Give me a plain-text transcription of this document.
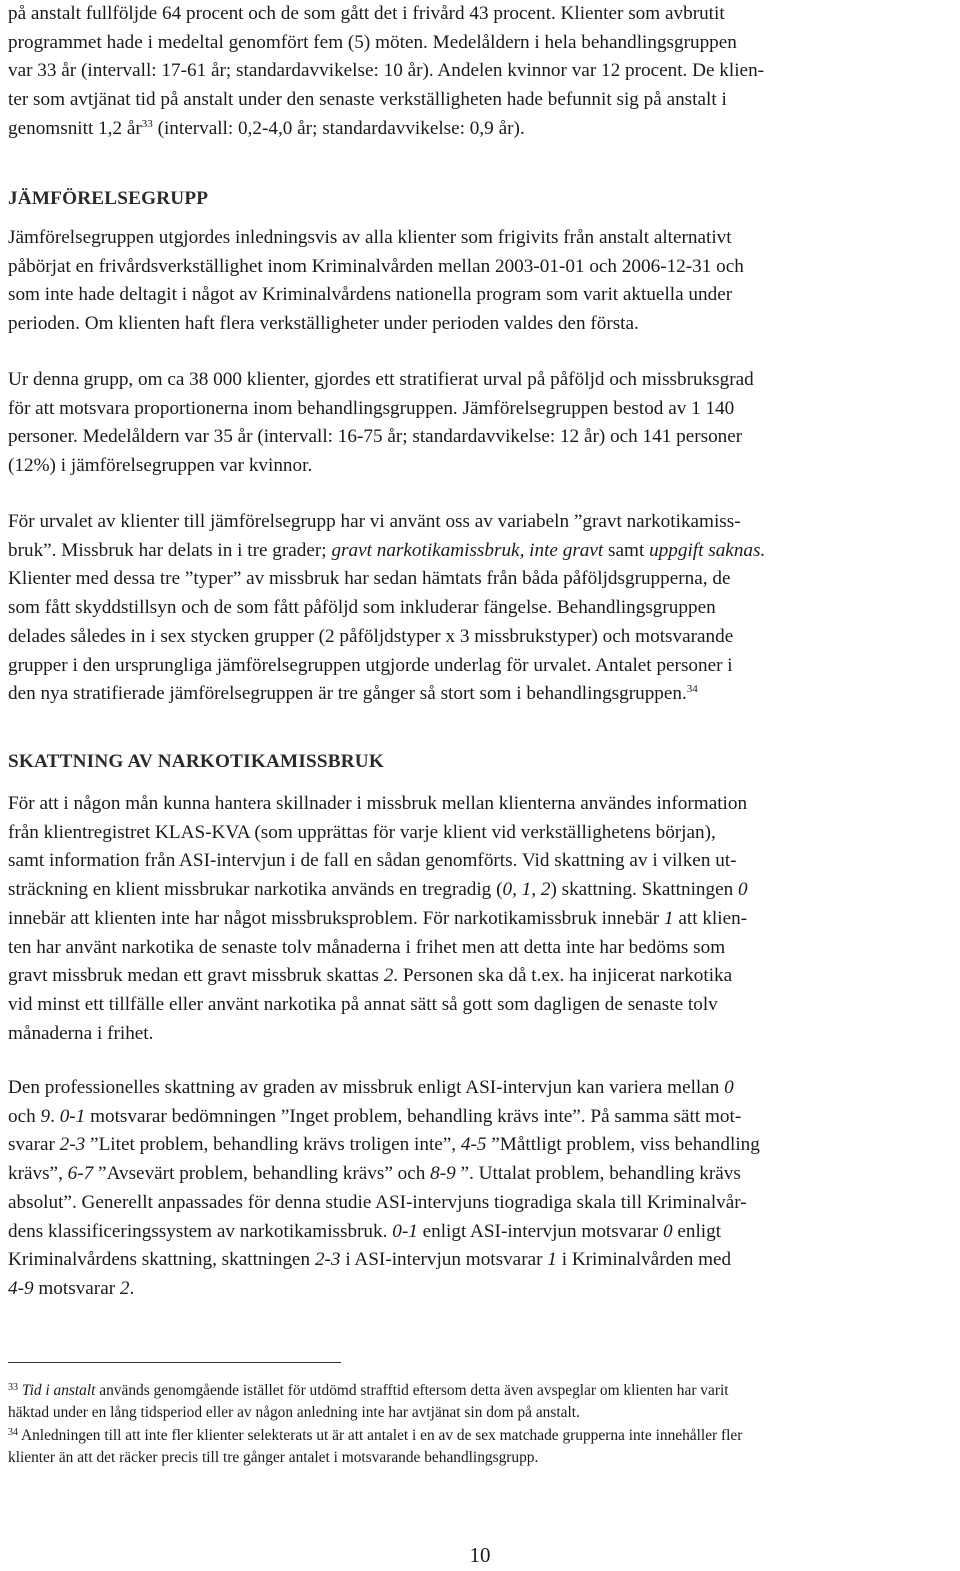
på anstalt fullföljde 64 procent och de som gått det i frivård 43 procent. Klienter som avbrutit
programmet hade i medeltal genomfört fem (5) möten. Medelåldern i hela behandlingsgruppen
var 33 år (intervall: 17-61 år; standardavvikelse: 10 år). Andelen kvinnor var 12 procent. De klien-
ter som avtjänat tid på anstalt under den senaste verkställigheten hade befunnit sig på anstalt i
genomsnitt 1,2 år$^{33}$ (intervall: 0,2-4,0 år; standardavvikelse: 0,9 år).

JÄMFÖRELSEGRUPP

Jämförelsegruppen utgjordes inledningsvis av alla klienter som frigivits från anstalt alternativt
påbörjat en frivårdsverkställighet inom Kriminalvården mellan 2003-01-01 och 2006-12-31 och
som inte hade deltagit i något av Kriminalvårdens nationella program som varit aktuella under
perioden. Om klienten haft flera verkställigheter under perioden valdes den första.

Ur denna grupp, om ca 38 000 klienter, gjordes ett stratifierat urval på påföljd och missbruksgrad
för att motsvara proportionerna inom behandlingsgruppen. Jämförelsegruppen bestod av 1 140
personer. Medelåldern var 35 år (intervall: 16-75 år; standardavvikelse: 12 år) och 141 personer
(12%) i jämförelsegruppen var kvinnor.

För urvalet av klienter till jämförelsegrupp har vi använt oss av variabeln ”gravt narkotikamiss-
bruk”. Missbruk har delats in i tre grader; gravt narkotikamissbruk, inte gravt samt uppgift saknas.
Klienter med dessa tre ”typer” av missbruk har sedan hämtats från båda påföljdsgrupperna, de
som fått skyddstillsyn och de som fått påföljd som inkluderar fängelse. Behandlingsgruppen
delades således in i sex stycken grupper (2 påföljdstyper x 3 missbrukstyper) och motsvarande
grupper i den ursprungliga jämförelsegruppen utgjorde underlag för urvalet. Antalet personer i
den nya stratifierade jämförelsegruppen är tre gånger så stort som i behandlingsgruppen.$^{34}$

SKATTNING AV NARKOTIKAMISSBRUK

För att i någon mån kunna hantera skillnader i missbruk mellan klienterna användes information
från klientregistret KLAS-KVA (som upprättas för varje klient vid verkställighetens början),
samt information från ASI-intervjun i de fall en sådan genomförts. Vid skattning av i vilken ut-
sträckning en klient missbrukar narkotika används en tregradig (0, 1, 2) skattning. Skattningen 0
innebär att klienten inte har något missbruksproblem. För narkotikamissbruk innebär 1 att klien-
ten har använt narkotika de senaste tolv månaderna i frihet men att detta inte har bedöms som
gravt missbruk medan ett gravt missbruk skattas 2. Personen ska då t.ex. ha injicerat narkotika
vid minst ett tillfälle eller använt narkotika på annat sätt så gott som dagligen de senaste tolv
månaderna i frihet.

Den professionelles skattning av graden av missbruk enligt ASI-intervjun kan variera mellan 0
och 9. 0-1 motsvarar bedömningen ”Inget problem, behandling krävs inte”. På samma sätt mot-
svarar 2-3 ”Litet problem, behandling krävs troligen inte”, 4-5 ”Måttligt problem, viss behandling
krävs”, 6-7 ”Avsevärt problem, behandling krävs” och 8-9 ”. Uttalat problem, behandling krävs
absolut”. Generellt anpassades för denna studie ASI-intervjuns tiogradiga skala till Kriminalvår-
dens klassificeringssystem av narkotikamissbruk. 0-1 enligt ASI-intervjun motsvarar 0 enligt
Kriminalvårdens skattning, skattningen 2-3 i ASI-intervjun motsvarar 1 i Kriminalvården med
4-9 motsvarar 2.

$^{33}$ Tid i anstalt används genomgående istället för utdömd strafftid eftersom detta även avspeglar om klienten har varit
häktad under en lång tidsperiod eller av någon anledning inte har avtjänat sin dom på anstalt.

$^{34}$ Anledningen till att inte fler klienter selekterats ut är att antalet i en av de sex matchade grupperna inte innehåller fler
klienter än att det räcker precis till tre gånger antalet i motsvarande behandlingsgrupp.

10
